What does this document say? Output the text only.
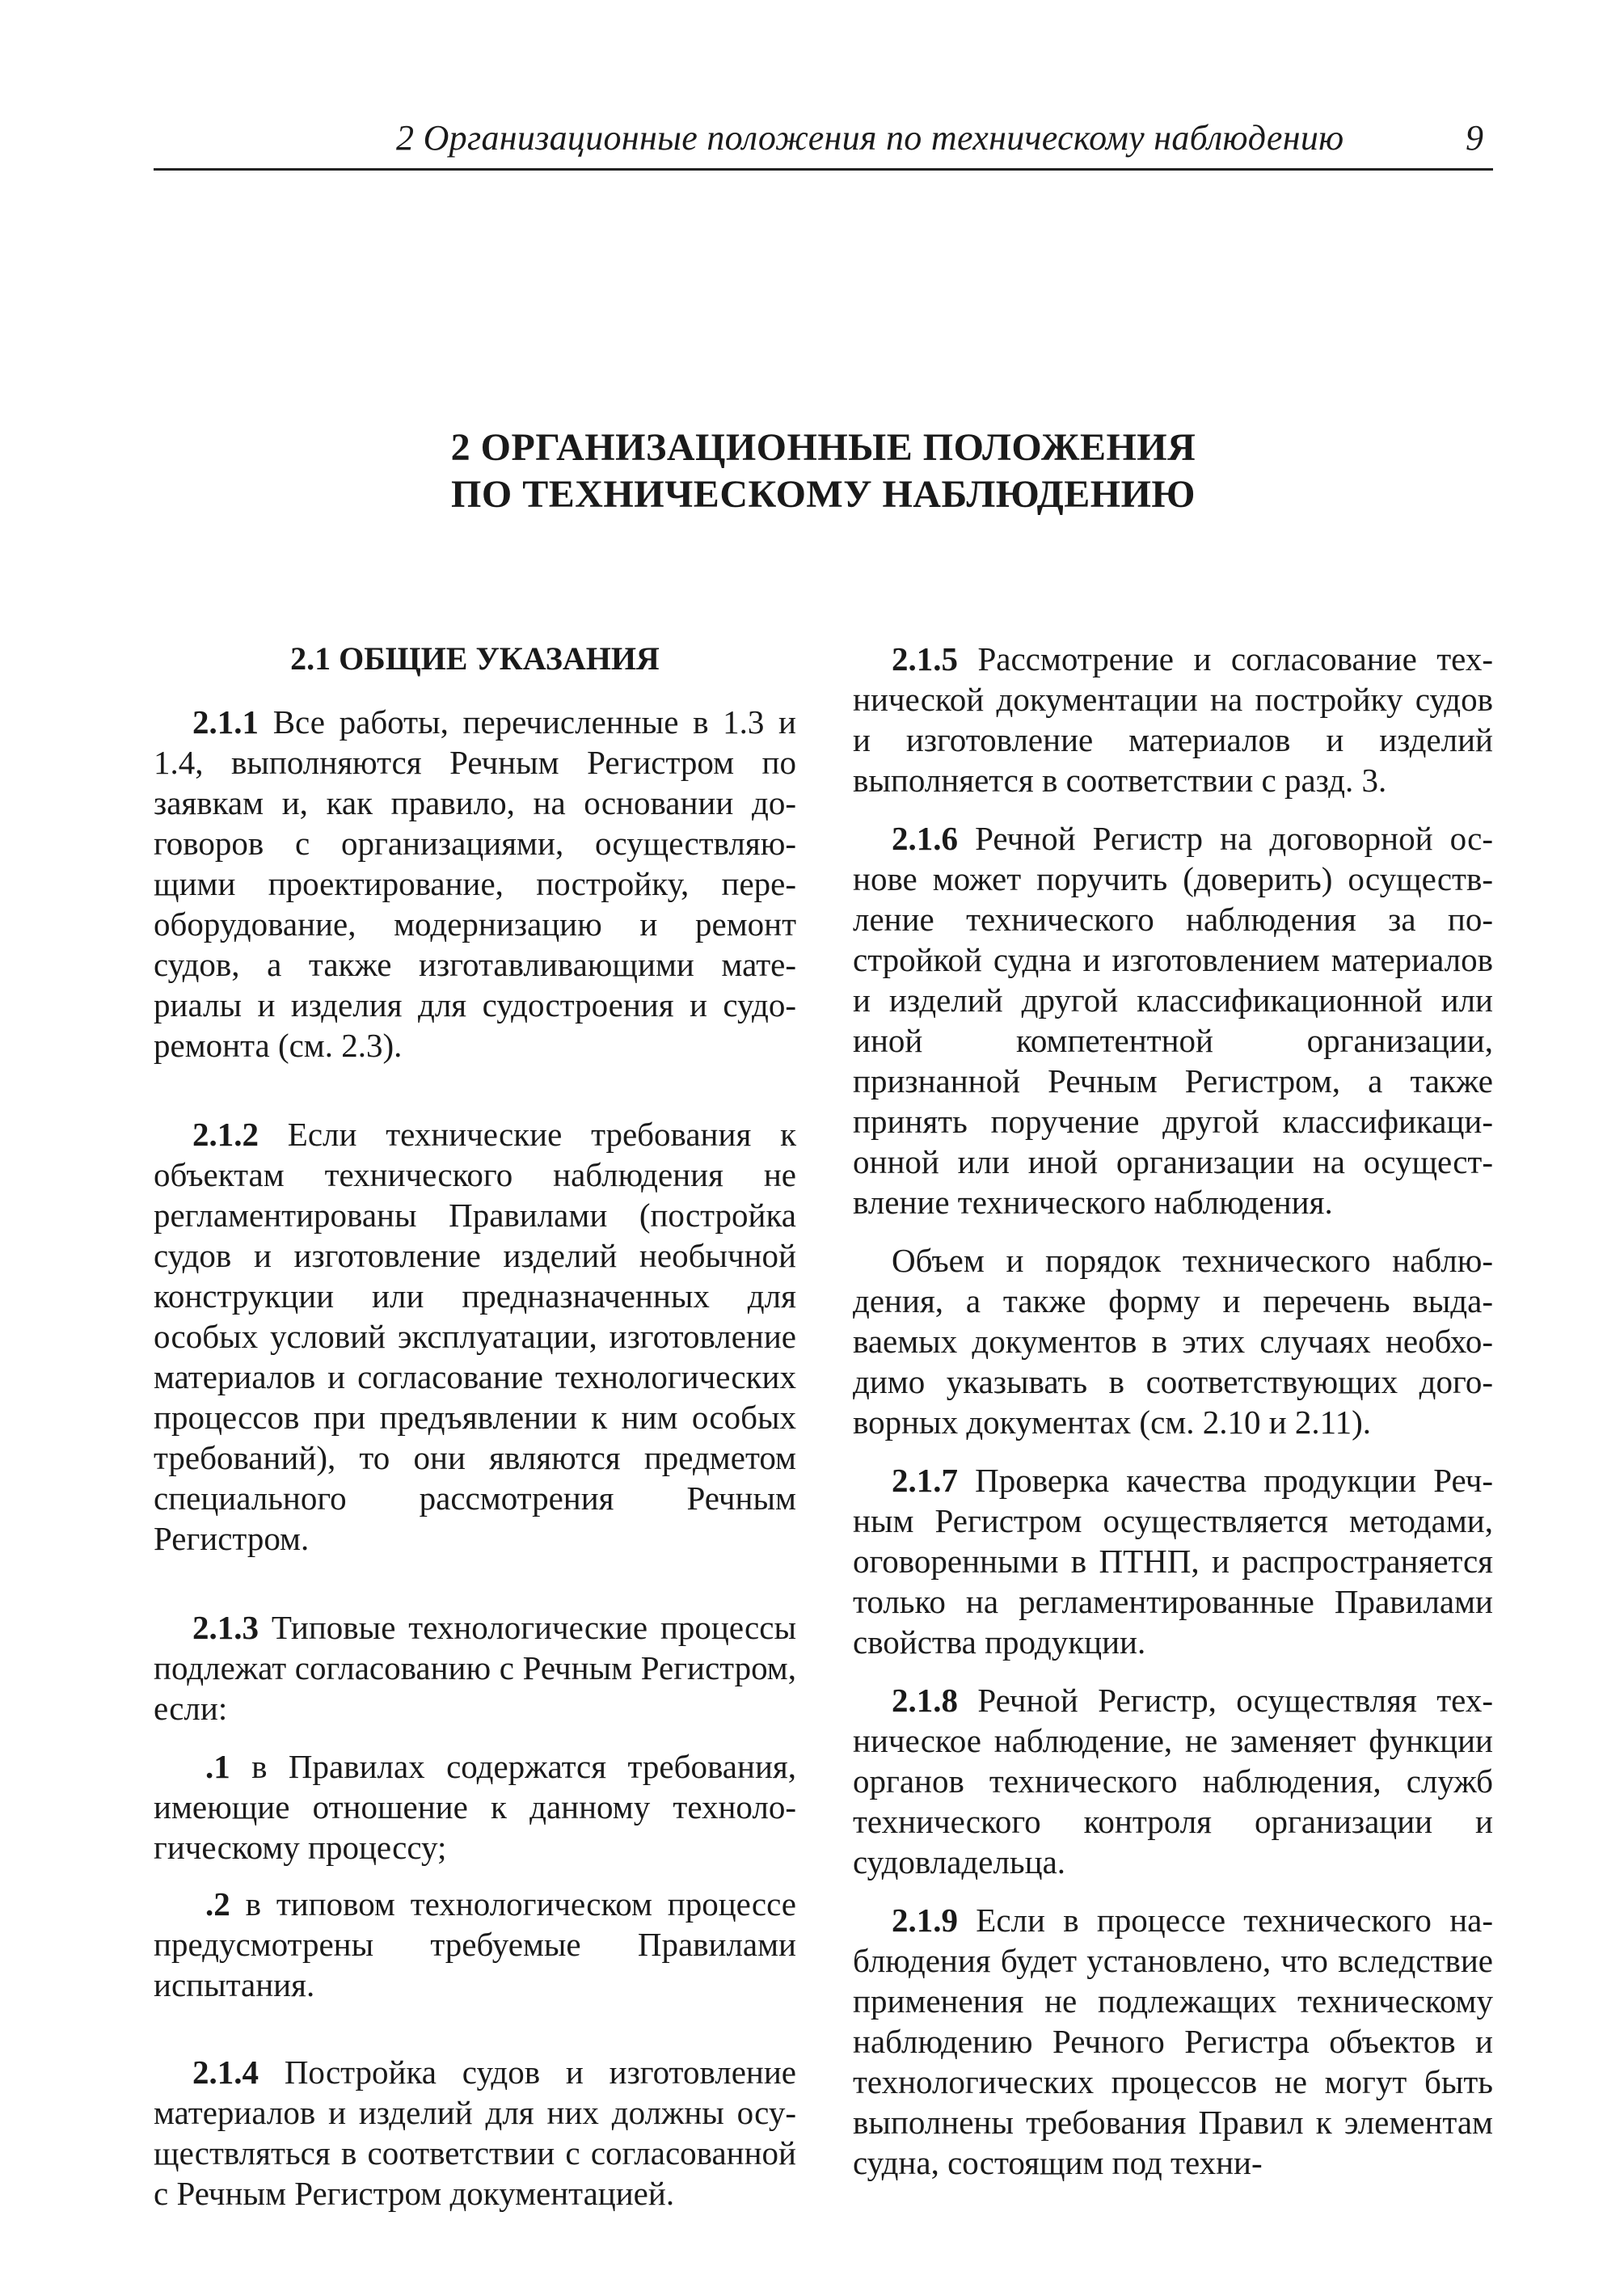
2 Организационные положения по техническому наблюдению	9
2 ОРГАНИЗАЦИОННЫЕ ПОЛОЖЕНИЯ
ПО ТЕХНИЧЕСКОМУ НАБЛЮДЕНИЮ
2.1 ОБЩИЕ УКАЗАНИЯ

2.1.1 Все работы, перечисленные в 1.3 и 1.4, выполняются Речным Регистром по заявкам и, как правило, на основании договоров с организациями, осуществляющими проектирование, постройку, переоборудование, модернизацию и ремонт судов, а также изготавливающими материалы и изделия для судостроения и судоремонта (см. 2.3).

2.1.2 Если технические требования к объектам технического наблюдения не регламентированы Правилами (постройка судов и изготовление изделий необычной конструкции или предназначенных для особых условий эксплуатации, изготовление материалов и согласование технологических процессов при предъявлении к ним особых требований), то они являются предметом специального рассмотрения Речным Регистром.

2.1.3 Типовые технологические процессы подлежат согласованию с Речным Регистром, если:

.1 в Правилах содержатся требования, имеющие отношение к данному технологическому процессу;

.2 в типовом технологическом процессе предусмотрены требуемые Правилами испытания.

2.1.4 Постройка судов и изготовление материалов и изделий для них должны осуществляться в соответствии с согласованной с Речным Регистром документацией.

2.1.5 Рассмотрение и согласование технической документации на постройку судов и изготовление материалов и изделий выполняется в соответствии с разд. 3.

2.1.6 Речной Регистр на договорной основе может поручить (доверить) осуществление технического наблюдения за постройкой судна и изготовлением материалов и изделий другой классификационной или иной компетентной организации, признанной Речным Регистром, а также принять поручение другой классификационной или иной организации на осуществление технического наблюдения.

Объем и порядок технического наблюдения, а также форму и перечень выдаваемых документов в этих случаях необходимо указывать в соответствующих договорных документах (см. 2.10 и 2.11).

2.1.7 Проверка качества продукции Речным Регистром осуществляется методами, оговоренными в ПТНП, и распространяется только на регламентированные Правилами свойства продукции.

2.1.8 Речной Регистр, осуществляя техническое наблюдение, не заменяет функции органов технического наблюдения, служб технического контроля организации и судовладельца.

2.1.9 Если в процессе технического наблюдения будет установлено, что вследствие применения не подлежащих техническому наблюдению Речного Регистра объектов и технологических процессов не могут быть выполнены требования Правил к элементам судна, состоящим под техни-
